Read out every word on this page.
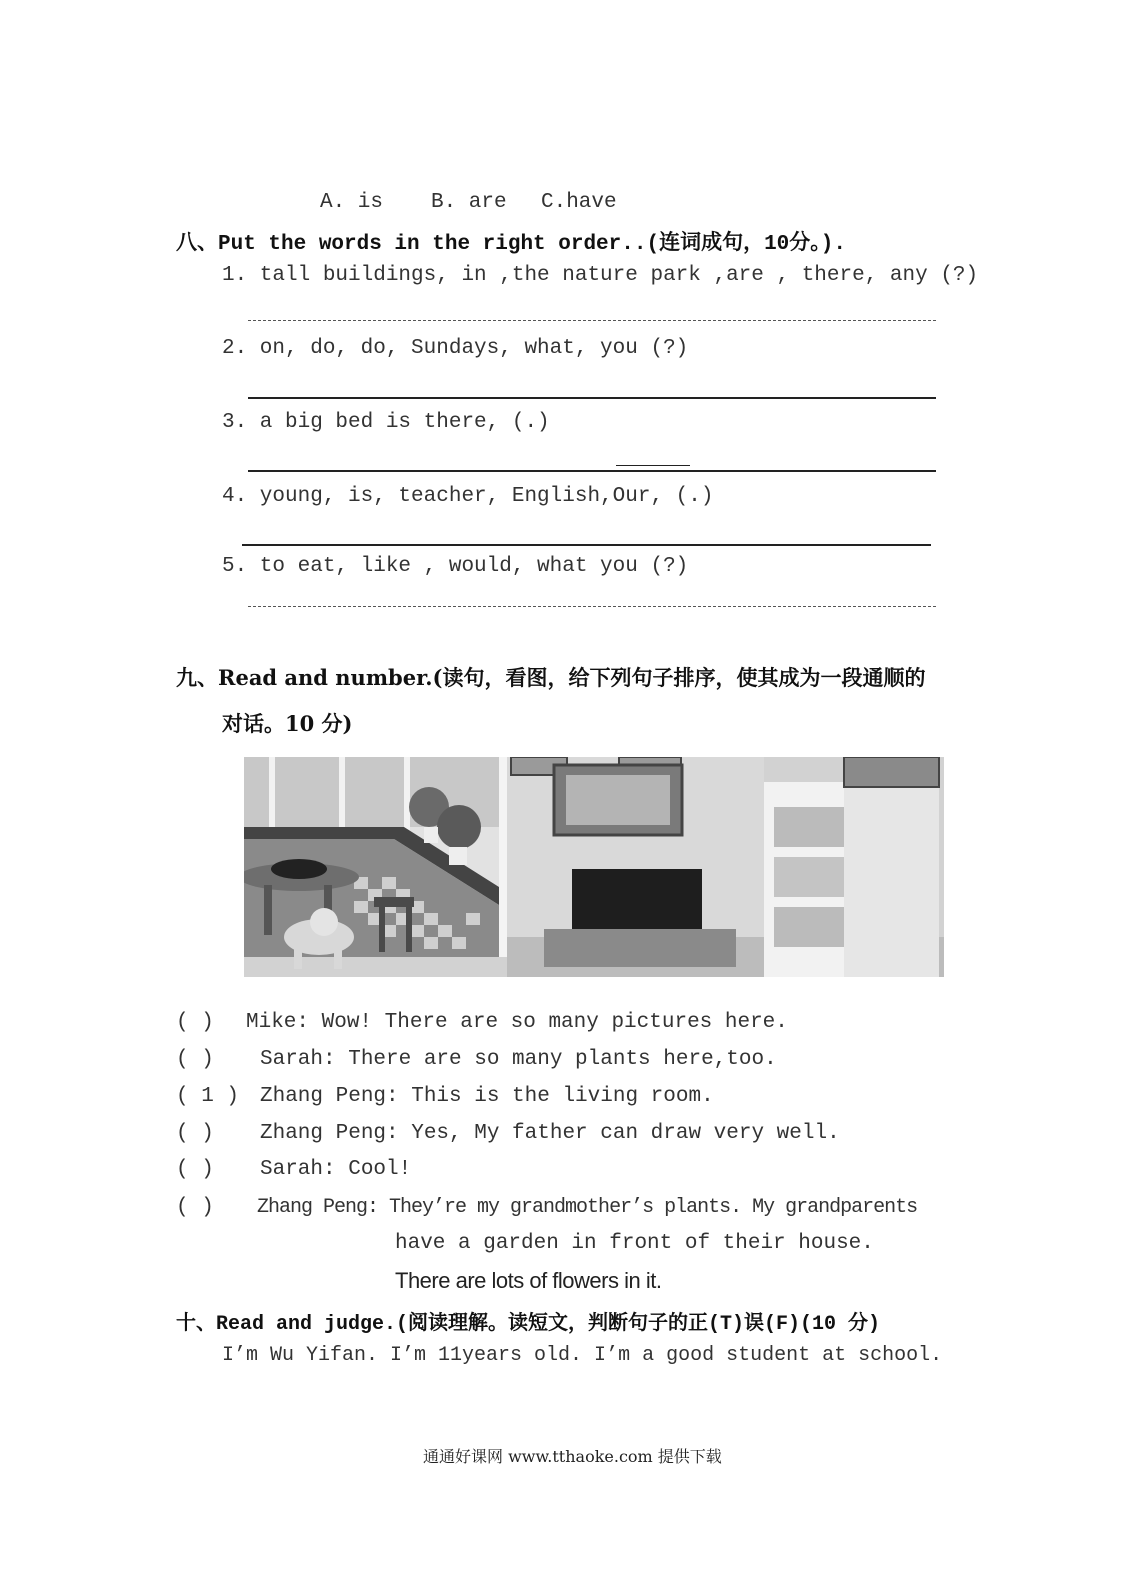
A. is B. are C.have
八、Put the words in the right order..(连词成句，10分。).
1. tall buildings, in ,the nature park ,are , there, any (?)
2. on, do, do, Sundays, what, you (?)
3. a big bed is there, (.)
4. young, is, teacher, English,Our, (.)
5. to eat, like , would, what you (?)
九、Read and number.(读句，看图，给下列句子排序，使其成为一段通顺的
对话。10 分)
( ) Mike: Wow! There are so many pictures here.
( ) Sarah: There are so many plants here,too.
( 1 ) Zhang Peng: This is the living room.
( ) Zhang Peng: Yes, My father can draw very well.
( ) Sarah: Cool!
( ) Zhang Peng: They’re my grandmother’s plants. My grandparents
have a garden in front of their house.
There are lots of flowers in it.
十、Read and judge.(阅读理解。读短文，判断句子的正(T)误(F)(10 分)
I’m Wu Yifan. I’m 11years old. I’m a good student at school.
通通好课网 www.tthaoke.com 提供下载
